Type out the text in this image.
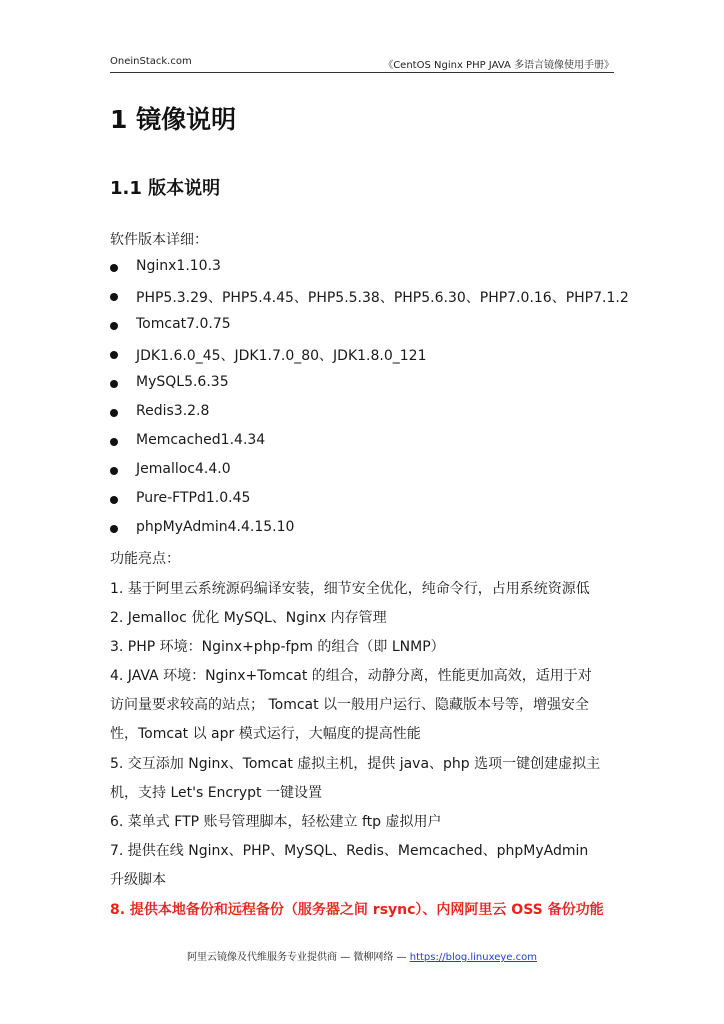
OneinStack.com	《CentOS Nginx PHP JAVA 多语言镜像使用手册》
1 镜像说明
1.1 版本说明
软件版本详细：
Nginx1.10.3
PHP5.3.29、PHP5.4.45、PHP5.5.38、PHP5.6.30、PHP7.0.16、PHP7.1.2
Tomcat7.0.75
JDK1.6.0_45、JDK1.7.0_80、JDK1.8.0_121
MySQL5.6.35
Redis3.2.8
Memcached1.4.34
Jemalloc4.4.0
Pure-FTPd1.0.45
phpMyAdmin4.4.15.10
功能亮点：
1. 基于阿里云系统源码编译安装，细节安全优化，纯命令行，占用系统资源低
2. Jemalloc 优化 MySQL、Nginx 内存管理
3. PHP 环境：Nginx+php-fpm 的组合（即 LNMP）
4. JAVA 环境：Nginx+Tomcat 的组合，动静分离，性能更加高效，适用于对
访问量要求较高的站点； Tomcat 以一般用户运行、隐藏版本号等，增强安全
性，Tomcat 以 apr 模式运行，大幅度的提高性能
5. 交互添加 Nginx、Tomcat 虚拟主机，提供 java、php 选项一键创建虚拟主
机，支持 Let's Encrypt 一键设置
6. 菜单式 FTP 账号管理脚本，轻松建立 ftp 虚拟用户
7. 提供在线 Nginx、PHP、MySQL、Redis、Memcached、phpMyAdmin
升级脚本
8. 提供本地备份和远程备份（服务器之间 rsync）、内网阿里云 OSS 备份功能
阿里云镜像及代维服务专业提供商 — 微柳网络 — https://blog.linuxeye.com
